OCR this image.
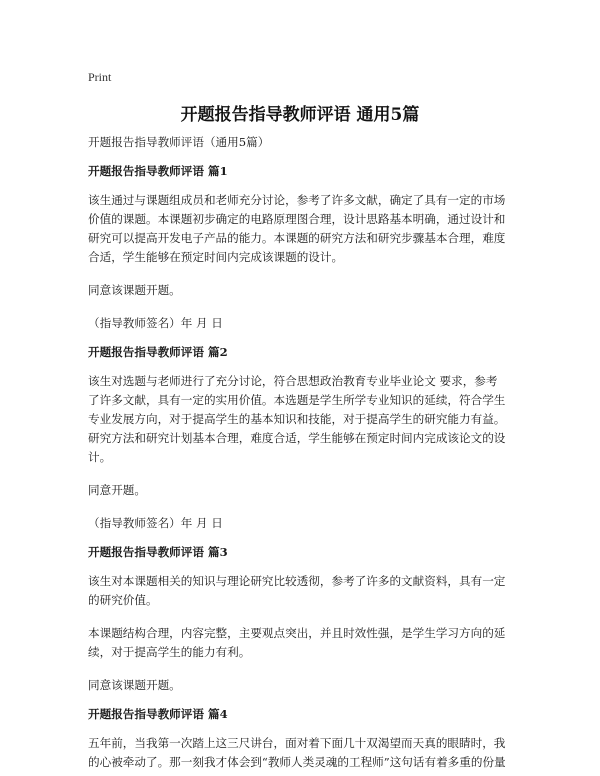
Print
开题报告指导教师评语 通用5篇

开题报告指导教师评语（通用5篇）

开题报告指导教师评语 篇1

该生通过与课题组成员和老师充分讨论，参考了许多文献，确定了具有一定的市场

价值的课题。本课题初步确定的电路原理图合理，设计思路基本明确，通过设计和

研究可以提高开发电子产品的能力。本课题的研究方法和研究步骤基本合理，难度

合适，学生能够在预定时间内完成该课题的设计。

同意该课题开题。

（指导教师签名）年 月 日

开题报告指导教师评语 篇2

该生对选题与老师进行了充分讨论，符合思想政治教育专业毕业论文 要求，参考

了许多文献，具有一定的实用价值。本选题是学生所学专业知识的延续，符合学生

专业发展方向，对于提高学生的基本知识和技能，对于提高学生的研究能力有益。

研究方法和研究计划基本合理，难度合适，学生能够在预定时间内完成该论文的设

计。

同意开题。

（指导教师签名）年 月 日

开题报告指导教师评语 篇3

该生对本课题相关的知识与理论研究比较透彻，参考了许多的文献资料，具有一定

的研究价值。

本课题结构合理，内容完整，主要观点突出，并且时效性强，是学生学习方向的延

续，对于提高学生的能力有利。

同意该课题开题。

开题报告指导教师评语 篇4

五年前，当我第一次踏上这三尺讲台，面对着下面几十双渴望而天真的眼睛时，我

的心被牵动了。那一刻我才体会到“教师人类灵魂的工程师”这句话有着多重的份量
